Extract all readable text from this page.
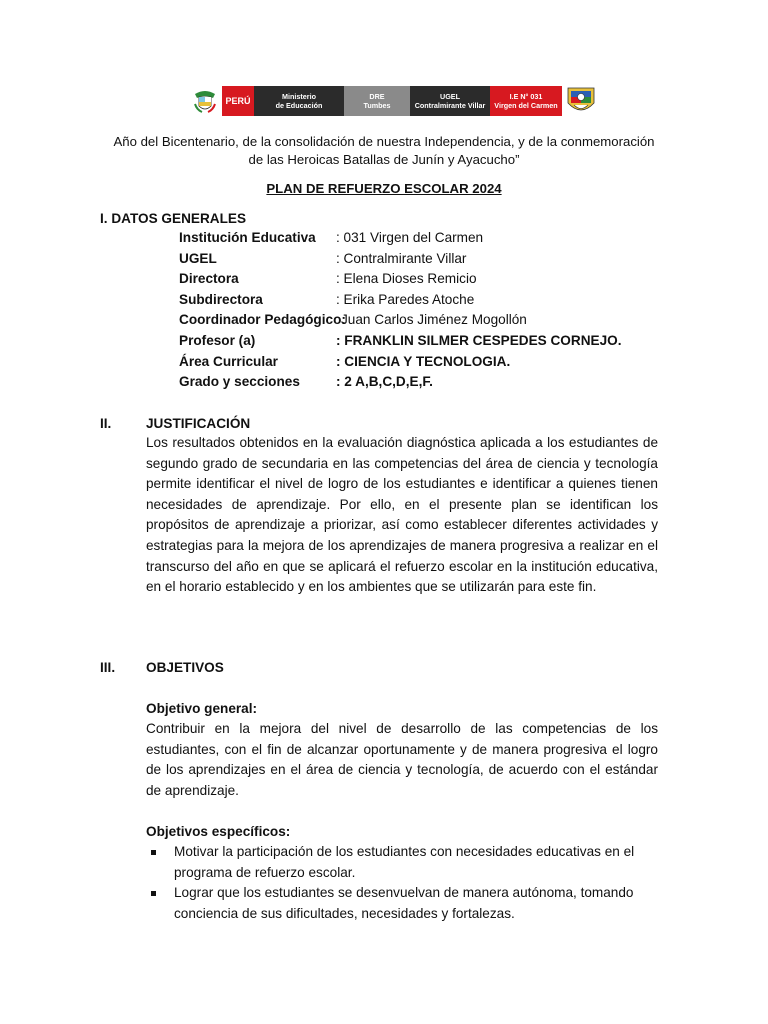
PERÚ	Ministerio
de Educación
DRE
Tumbes
UGEL
Contralmirante Villar
I.E N° 031
Virgen del Carmen
Año del Bicentenario, de la consolidación de nuestra Independencia, y de la conmemoración
de las Heroicas Batallas de Junín y Ayacucho”
PLAN DE REFUERZO ESCOLAR 2024
I. DATOS GENERALES
Institución Educativa : 031 Virgen del Carmen
UGEL	: Contralmirante Villar
Directora	: Elena Dioses Remicio
Subdirectora	: Erika Paredes Atoche
Coordinador Pedagógico:
Juan Carlos Jiménez Mogollón
Profesor (a)	: FRANKLIN SILMER CESPEDES CORNEJO.
Área Curricular	: CIENCIA Y TECNOLOGIA.
Grado y secciones	: 2 A,B,C,D,E,F.
II.	JUSTIFICACIÓN
Los resultados obtenidos en la evaluación diagnóstica aplicada a los estudiantes de segundo grado de secundaria en las competencias del área de ciencia y tecnología permite identificar el nivel de logro de los estudiantes e identificar a quienes tienen necesidades de aprendizaje. Por ello, en el presente plan se identifican los propósitos de aprendizaje a priorizar, así como establecer diferentes actividades y estrategias para la mejora de los aprendizajes de manera progresiva a realizar en el transcurso del año en que se aplicará el refuerzo escolar en la institución educativa, en el horario establecido y en los ambientes que se utilizarán para este fin.
III. OBJETIVOS
Objetivo general:
Contribuir en la mejora del nivel de desarrollo de las competencias de los estudiantes, con el fin de alcanzar oportunamente y de manera progresiva el logro de los aprendizajes en el área de ciencia y tecnología, de acuerdo con el estándar de aprendizaje.
Objetivos específicos:
Motivar la participación de los estudiantes con necesidades educativas en el programa de refuerzo escolar.
Lograr que los estudiantes se desenvuelvan de manera autónoma, tomando conciencia de sus dificultades, necesidades y fortalezas.
